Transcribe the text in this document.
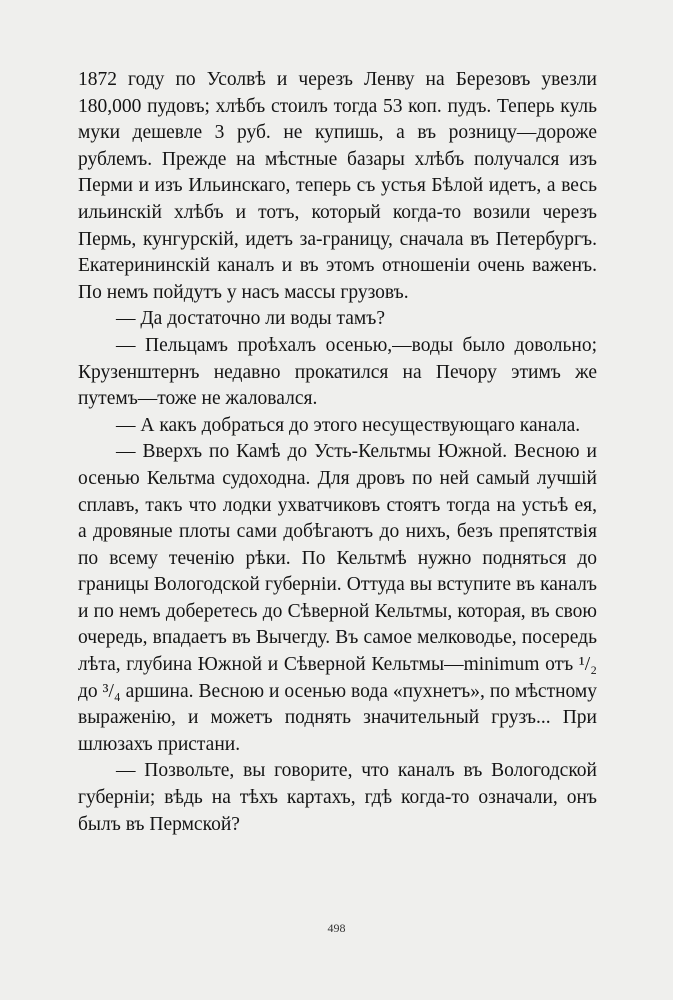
1872 году по Усолвѣ и черезъ Ленву на Березовъ увезли 180,000 пудовъ; хлѣбъ стоилъ тогда 53 коп. пудъ. Теперь куль муки дешевле 3 руб. не купишь, а въ розницу—дороже рублемъ. Прежде на мѣстные базары хлѣбъ получался изъ Перми и изъ Ильинскаго, теперь съ устья Бѣлой идетъ, а весь ильинскій хлѣбъ и тотъ, который когда-то возили черезъ Пермь, кунгурскій, идетъ за-границу, сначала въ Петербургъ. Екатерининскій каналъ и въ этомъ отношеніи очень важенъ. По немъ пойдутъ у насъ массы грузовъ.

— Да достаточно ли воды тамъ?

— Пельцамъ проѣхалъ осенью,—воды было довольно; Крузенштернъ недавно прокатился на Печору этимъ же путемъ—тоже не жаловался.

— А какъ добраться до этого несуществующаго канала.

— Вверхъ по Камѣ до Усть-Кельтмы Южной. Весною и осенью Кельтма судоходна. Для дровъ по ней самый лучшій сплавъ, такъ что лодки ухватчиковъ стоятъ тогда на устьѣ ея, а дровяные плоты сами добѣгаютъ до нихъ, безъ препятствія по всему теченію рѣки. По Кельтмѣ нужно подняться до границы Вологодской губерніи. Оттуда вы вступите въ каналъ и по немъ доберетесь до Сѣверной Кельтмы, которая, въ свою очередь, впадаетъ въ Вычегду. Въ самое мелководье, посередь лѣта, глубина Южной и Сѣверной Кельтмы—minimum отъ ¹/₂ до ³/₄ аршина. Весною и осенью вода «пухнетъ», по мѣстному выраженію, и можетъ поднять значительный грузъ... При шлюзахъ пристани.

— Позвольте, вы говорите, что каналъ въ Вологодской губерніи; вѣдь на тѣхъ картахъ, гдѣ когда-то означали, онъ былъ въ Пермской?

498
